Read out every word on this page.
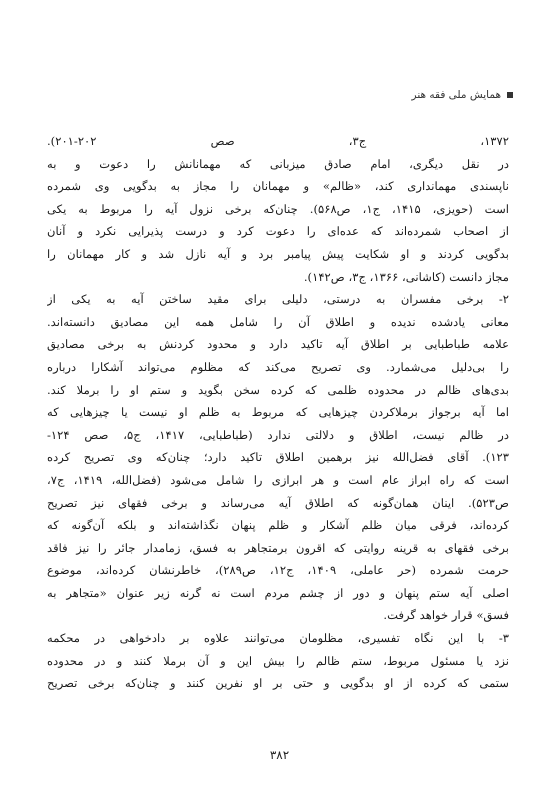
همایش ملی فقه هنر
۱۳۷۲، ج۳، صص ۲۰۲-۲۰۱).
در نقل دیگری، امام صادق میزبانی که مهمانانش را دعوت و به
ناپسندی مهمانداری کند، «ظالم» و مهمانان را مجاز به بدگویی وی شمرده
است (حویزی، ۱۴۱۵، ج۱، ص۵۶۸). چنان‌که برخی نزول آیه را مربوط به یکی
از اصحاب شمرده‌اند که عده‌ای را دعوت کرد و درست پذیرایی نکرد و آنان
بدگویی کردند و او شکایت پیش پیامبر برد و آیه نازل شد و کار مهمانان را
مجاز دانست (کاشانی، ۱۳۶۶، ج۳، ص۱۴۲).
۲- برخی مفسران به درستی، دلیلی برای مقید ساختن آیه به یکی از
معانی یادشده ندیده و اطلاق آن را شامل همه این مصادیق دانسته‌اند.
علامه طباطبایی بر اطلاق آیه تاکید دارد و محدود کردنش به برخی مصادیق
را بی‌دلیل می‌شمارد. وی تصریح می‌کند که مظلوم می‌تواند آشکارا درباره
بدی‌های ظالم در محدوده ظلمی که کرده سخن بگوید و ستم او را برملا کند.
اما آیه برجواز برملاکردن چیزهایی که مربوط به ظلم او نیست یا چیزهایی که
در ظالم نیست، اطلاق و دلالتی ندارد (طباطبایی، ۱۴۱۷، ج۵، صص ۱۲۴-
۱۲۳). آقای فضل‌الله نیز برهمین اطلاق تاکید دارد؛ چنان‌که وی تصریح کرده
است که راه ابراز عام است و هر ابرازی را شامل می‌شود (فضل‌الله، ۱۴۱۹، ج۷،
ص۵۲۳). اینان همان‌گونه که اطلاق آیه می‌رساند و برخی فقهای نیز تصریح
کرده‌اند، فرقی میان ظلم آشکار و ظلم پنهان نگذاشته‌اند و بلکه آن‌گونه که
برخی فقهای به قرینه روایتی که اقرون برمتجاهر به فسق، زمامدار جائر را نیز فاقد
حرمت شمرده (حر عاملی، ۱۴۰۹، ج۱۲، ص۲۸۹)، خاطرنشان کرده‌اند، موضوع
اصلی آیه ستم پنهان و دور از چشم مردم است نه گرنه زیر عنوان «متجاهر به
فسق» قرار خواهد گرفت.
۳- با این نگاه تفسیری، مظلومان می‌توانند علاوه بر دادخواهی در محکمه
نزد یا مسئول مربوط، ستم ظالم را بیش این و آن برملا کنند و در محدوده
ستمی که کرده از او بدگویی و حتی بر او نفرین کنند و چنان‌که برخی تصریح
۳۸۲
